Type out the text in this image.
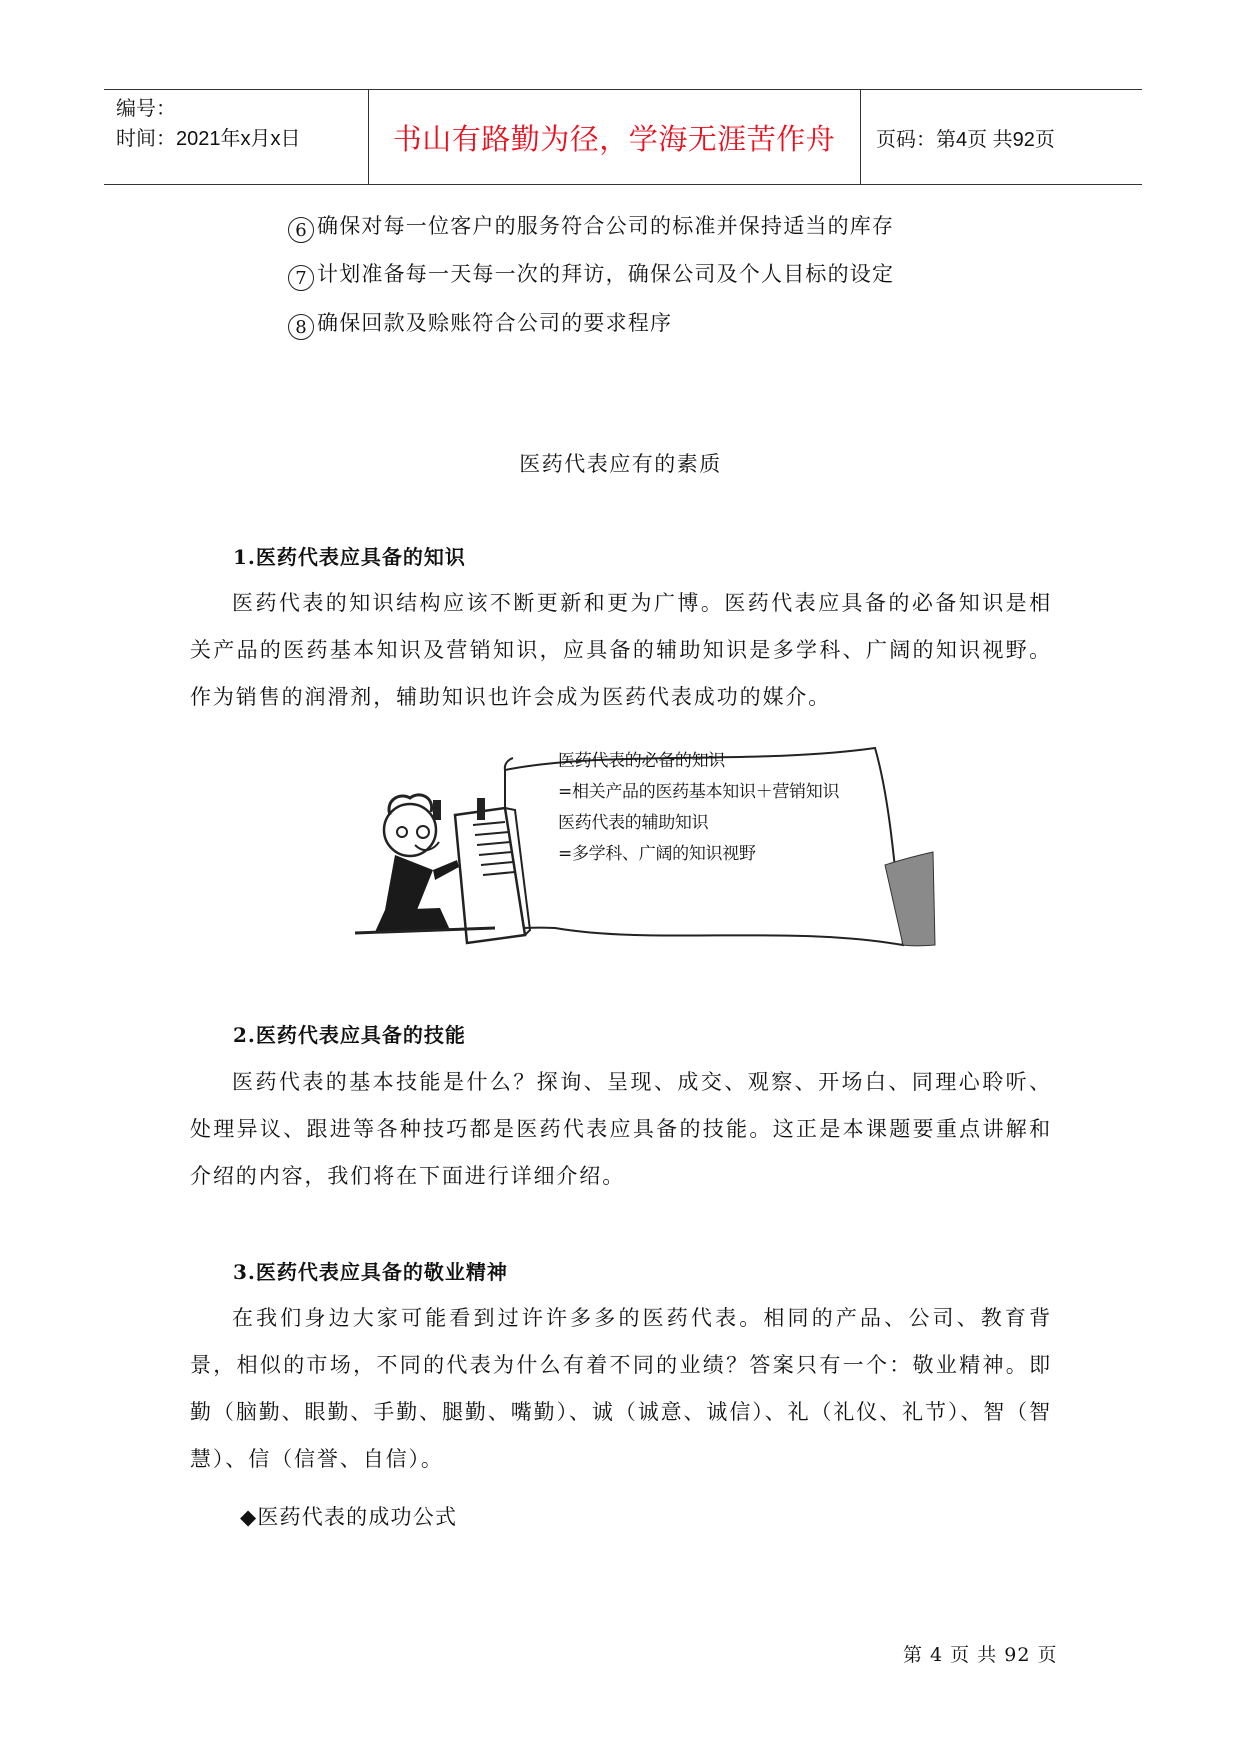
编号：
时间：2021年x月x日	书山有路勤为径，学海无涯苦作舟	页码：第4页 共92页
6 确保对每一位客户的服务符合公司的标准并保持适当的库存
7 计划准备每一天每一次的拜访，确保公司及个人目标的设定
8 确保回款及赊账符合公司的要求程序
医药代表应有的素质
1.医药代表应具备的知识
医药代表的知识结构应该不断更新和更为广博。医药代表应具备的必备知识是相关产品的医药基本知识及营销知识，应具备的辅助知识是多学科、广阔的知识视野。作为销售的润滑剂，辅助知识也许会成为医药代表成功的媒介。
医药代表的必备的知识
=相关产品的医药基本知识＋营销知识
医药代表的辅助知识
=多学科、广阔的知识视野
2.医药代表应具备的技能
医药代表的基本技能是什么？探询、呈现、成交、观察、开场白、同理心聆听、处理异议、跟进等各种技巧都是医药代表应具备的技能。这正是本课题要重点讲解和介绍的内容，我们将在下面进行详细介绍。
3.医药代表应具备的敬业精神
在我们身边大家可能看到过许许多多的医药代表。相同的产品、公司、教育背景，相似的市场，不同的代表为什么有着不同的业绩？答案只有一个：敬业精神。即勤（脑勤、眼勤、手勤、腿勤、嘴勤）、诚（诚意、诚信）、礼（礼仪、礼节）、智（智慧）、信（信誉、自信）。
◆医药代表的成功公式
第 4 页 共 92 页
